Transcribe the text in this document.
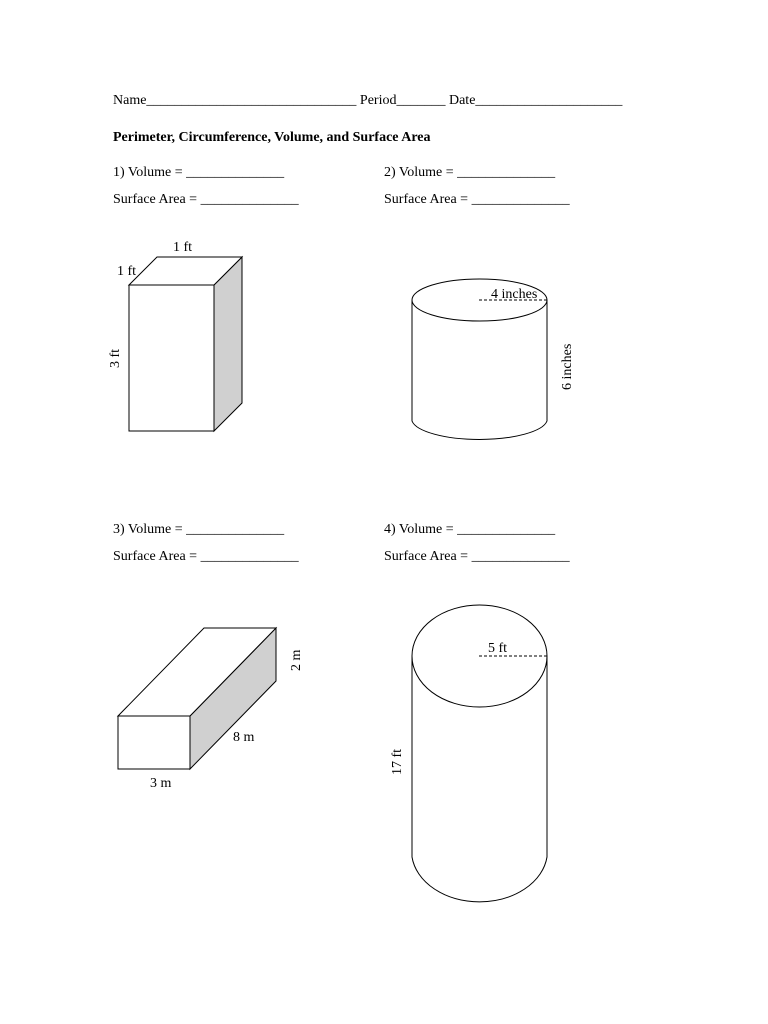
Name______________________________ Period_______ Date_____________________
Perimeter, Circumference, Volume, and Surface Area
1) Volume = ______________
Surface Area = ______________
2) Volume = ______________
Surface Area = ______________
3) Volume = ______________
Surface Area = ______________
4) Volume = ______________
Surface Area = ______________
1 ft
1 ft
3 ft
4 inches
6 inches
2 m
8 m
3 m
5 ft
17 ft
